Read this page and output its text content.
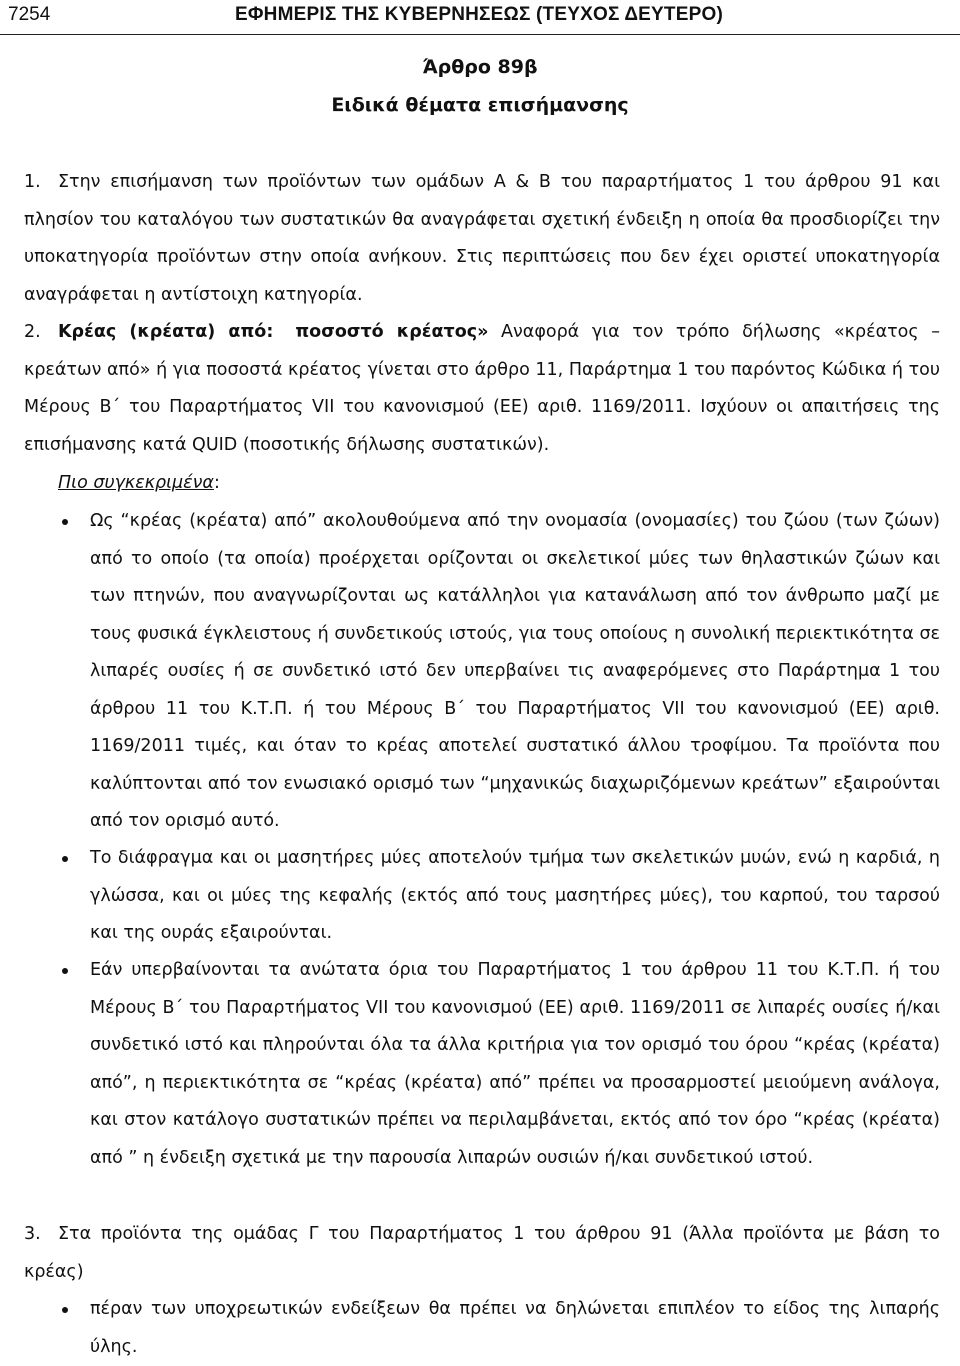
7254	ΕΦΗΜΕΡΙΣ ΤΗΣ ΚΥΒΕΡΝΗΣΕΩΣ (ΤΕΥΧΟΣ ΔΕΥΤΕΡΟ)
Άρθρο 89β
Ειδικά θέματα επισήμανσης
1. Στην επισήμανση των προϊόντων των ομάδων Α & Β του παραρτήματος 1 του άρθρου 91 και πλησίον του καταλόγου των συστατικών θα αναγράφεται σχετική ένδειξη η οποία θα προσδιορίζει την υποκατηγορία προϊόντων στην οποία ανήκουν. Στις περιπτώσεις που δεν έχει οριστεί υποκατηγορία αναγράφεται η αντίστοιχη κατηγορία.
2. Κρέας (κρέατα) από: ποσοστό κρέατος» Αναφορά για τον τρόπο δήλωσης «κρέατος – κρεάτων από» ή για ποσοστά κρέατος γίνεται στο άρθρο 11, Παράρτημα 1 του παρόντος Κώδικα ή του Μέρους Β΄ του Παραρτήματος VII του κανονισμού (ΕΕ) αριθ. 1169/2011. Ισχύουν οι απαιτήσεις της επισήμανσης κατά QUID (ποσοτικής δήλωσης συστατικών).
Πιο συγκεκριμένα:
Ως “κρέας (κρέατα) από” ακολουθούμενα από την ονομασία (ονομασίες) του ζώου (των ζώων) από το οποίο (τα οποία) προέρχεται ορίζονται οι σκελετικοί μύες των θηλαστικών ζώων και των πτηνών, που αναγνωρίζονται ως κατάλληλοι για κατανάλωση από τον άνθρωπο μαζί με τους φυσικά έγκλειστους ή συνδετικούς ιστούς, για τους οποίους η συνολική περιεκτικότητα σε λιπαρές ουσίες ή σε συνδετικό ιστό δεν υπερβαίνει τις αναφερόμενες στο Παράρτημα 1 του άρθρου 11 του Κ.Τ.Π. ή του Μέρους Β΄ του Παραρτήματος VII του κανονισμού (ΕΕ) αριθ. 1169/2011 τιμές, και όταν το κρέας αποτελεί συστατικό άλλου τροφίμου. Τα προϊόντα που καλύπτονται από τον ενωσιακό ορισμό των “μηχανικώς διαχωριζόμενων κρεάτων” εξαιρούνται από τον ορισμό αυτό.
Το διάφραγμα και οι μασητήρες μύες αποτελούν τμήμα των σκελετικών μυών, ενώ η καρδιά, η γλώσσα, και οι μύες της κεφαλής (εκτός από τους μασητήρες μύες), του καρπού, του ταρσού και της ουράς εξαιρούνται.
Εάν υπερβαίνονται τα ανώτατα όρια του Παραρτήματος 1 του άρθρου 11 του Κ.Τ.Π. ή του Μέρους Β΄ του Παραρτήματος VII του κανονισμού (ΕΕ) αριθ. 1169/2011 σε λιπαρές ουσίες ή/και συνδετικό ιστό και πληρούνται όλα τα άλλα κριτήρια για τον ορισμό του όρου “κρέας (κρέατα) από”, η περιεκτικότητα σε “κρέας (κρέατα) από” πρέπει να προσαρμοστεί μειούμενη ανάλογα, και στον κατάλογο συστατικών πρέπει να περιλαμβάνεται, εκτός από τον όρο “κρέας (κρέατα) από ” η ένδειξη σχετικά με την παρουσία λιπαρών ουσιών ή/και συνδετικού ιστού.
3. Στα προϊόντα της ομάδας Γ του Παραρτήματος 1 του άρθρου 91 (Άλλα προϊόντα με βάση το κρέας)
πέραν των υποχρεωτικών ενδείξεων θα πρέπει να δηλώνεται επιπλέον το είδος της λιπαρής ύλης.
